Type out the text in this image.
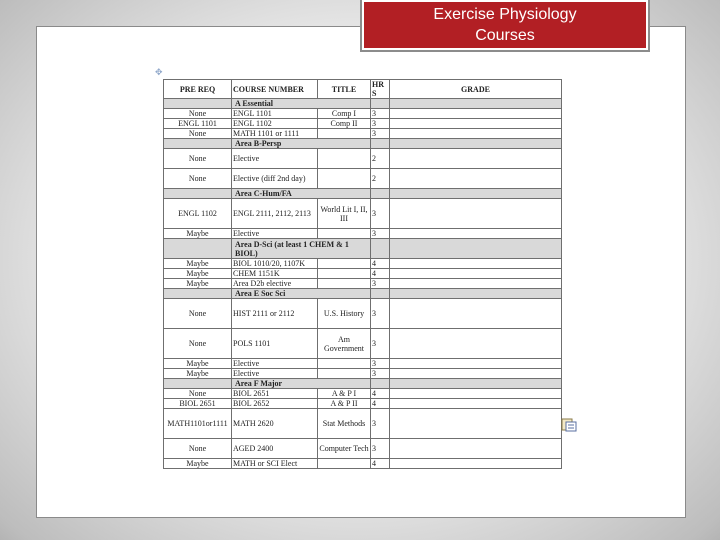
Exercise Physiology
Courses
✥
PRE REQ	COURSE NUMBER	TITLE	HR S	GRADE
	A Essential			
None	ENGL 1101	Comp I	3	
ENGL 1101	ENGL 1102	Comp II	3	
None	MATH 1101 or 1111		3	
	Area B-Persp			
None	Elective		2	
None	Elective (diff 2nd day)		2	
	Area C-Hum/FA			
ENGL 1102	ENGL 2111, 2112, 2113	World Lit I, II, III	3	
Maybe	Elective		3	
	Area D-Sci (at least 1 CHEM & 1 BIOL)			
Maybe	BIOL 1010/20, 1107K		4	
Maybe	CHEM 1151K		4	
Maybe	Area D2b elective		3	
	Area E Soc Sci			
None	HIST 2111 or 2112	U.S. History	3	
None	POLS 1101	Am Government	3	
Maybe	Elective		3	
Maybe	Elective		3	
	Area F Major			
None	BIOL 2651	A & P I	4	
BIOL 2651	BIOL 2652	A & P II	4	
MATH1101or1111	MATH 2620	Stat Methods	3	
None	AGED 2400	Computer Tech	3	
Maybe	MATH or SCI Elect		4	
